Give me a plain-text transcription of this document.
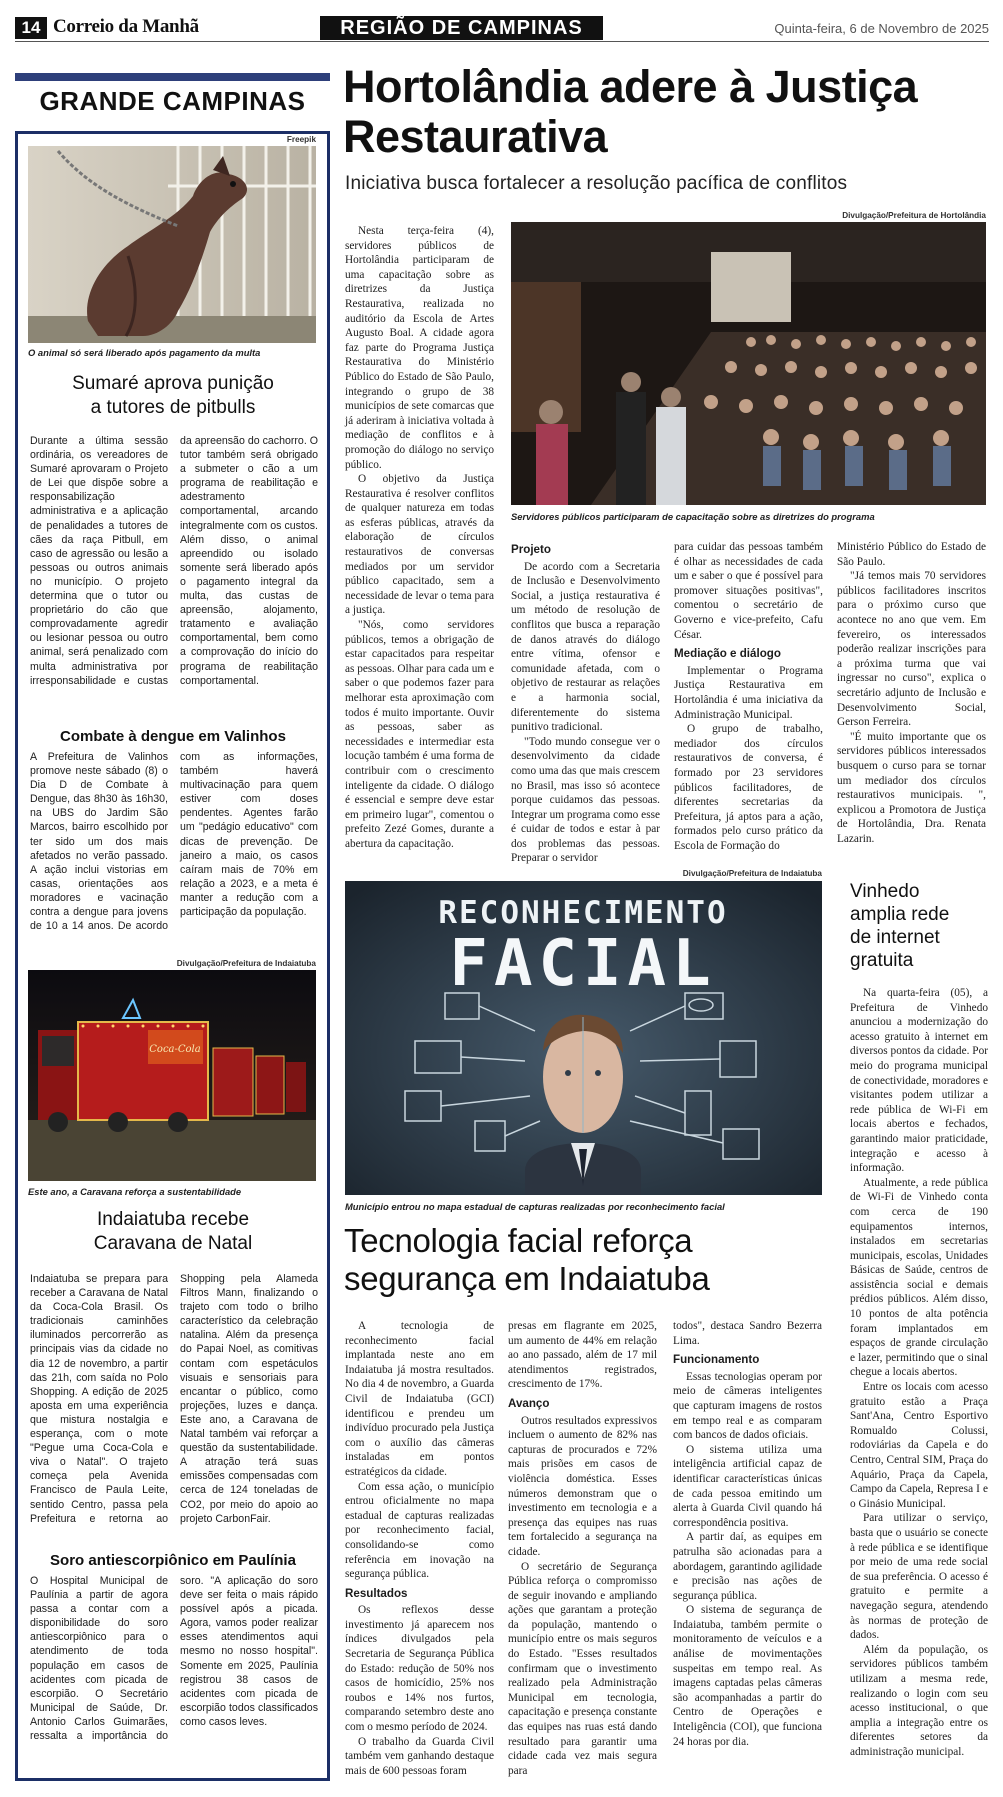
14 Correio da Manhã	REGIÃO DE CAMPINAS	Quinta-feira, 6 de Novembro de 2025
GRANDE CAMPINAS
Freepik
O animal só será liberado após pagamento da multa
Sumaré aprova punição
a tutores de pitbulls
Durante a última sessão ordinária, os vereadores de Sumaré aprovaram o Projeto de Lei que dispõe sobre a responsabilização administrativa e a aplicação de penalidades a tutores de cães da raça Pitbull, em caso de agressão ou lesão a pessoas ou outros animais no município. O projeto determina que o tutor ou proprietário do cão que comprovadamente agredir ou lesionar pessoa ou outro animal, será penalizado com multa administrativa por irresponsabilidade e custas da apreensão do cachorro. O tutor também será obrigado a submeter o cão a um programa de reabilitação e adestramento comportamental, arcando integralmente com os custos. Além disso, o animal apreendido ou isolado somente será liberado após o pagamento integral da multa, das custas de apreensão, alojamento, tratamento e avaliação comportamental, bem como a comprovação do início do programa de reabilitação comportamental.
Combate à dengue em Valinhos
A Prefeitura de Valinhos promove neste sábado (8) o Dia D de Combate à Dengue, das 8h30 às 16h30, na UBS do Jardim São Marcos, bairro escolhido por ter sido um dos mais afetados no verão passado. A ação inclui vistorias em casas, orientações aos moradores e vacinação contra a dengue para jovens de 10 a 14 anos. De acordo com as informações, também haverá multivacinação para quem estiver com doses pendentes. Agentes farão um "pedágio educativo" com dicas de prevenção. De janeiro a maio, os casos caíram mais de 70% em relação a 2023, e a meta é manter a redução com a participação da população.
Divulgação/Prefeitura de Indaiatuba
Coca-Cola
Este ano, a Caravana reforça a sustentabilidade
Indaiatuba recebe
Caravana de Natal
Indaiatuba se prepara para receber a Caravana de Natal da Coca-Cola Brasil. Os tradicionais caminhões iluminados percorrerão as principais vias da cidade no dia 12 de novembro, a partir das 21h, com saída no Polo Shopping. A edição de 2025 aposta em uma experiência que mistura nostalgia e esperança, com o mote "Pegue uma Coca-Cola e viva o Natal". O trajeto começa pela Avenida Francisco de Paula Leite, sentido Centro, passa pela Prefeitura e retorna ao Shopping pela Alameda Filtros Mann, finalizando o trajeto com todo o brilho característico da celebração natalina. Além da presença do Papai Noel, as comitivas contam com espetáculos visuais e sensoriais para encantar o público, como projeções, luzes e dança. Este ano, a Caravana de Natal também vai reforçar a questão da sustentabilidade. A atração terá suas emissões compensadas com cerca de 124 toneladas de CO2, por meio do apoio ao projeto CarbonFair.
Soro antiescorpiônico em Paulínia
O Hospital Municipal de Paulínia a partir de agora passa a contar com a disponibilidade do soro antiescorpiônico para o atendimento de toda população em casos de acidentes com picada de escorpião. O Secretário Municipal de Saúde, Dr. Antonio Carlos Guimarães, ressalta a importância do soro. "A aplicação do soro deve ser feita o mais rápido possível após a picada. Agora, vamos poder realizar esses atendimentos aqui mesmo no nosso hospital". Somente em 2025, Paulínia registrou 38 casos de acidentes com picada de escorpião todos classificados como casos leves.
Hortolândia adere à Justiça Restaurativa
Iniciativa busca fortalecer a resolução pacífica de conflitos

Nesta terça-feira (4), servidores públicos de Hortolândia participaram de uma capacitação sobre as diretrizes da Justiça Restaurativa, realizada no auditório da Escola de Artes Augusto Boal. A cidade agora faz parte do Programa Justiça Restaurativa do Ministério Público do Estado de São Paulo, integrando o grupo de 38 municípios de sete comarcas que já aderiram à iniciativa voltada à mediação de conflitos e à promoção do diálogo no serviço público.

O objetivo da Justiça Restaurativa é resolver conflitos de qualquer natureza em todas as esferas públicas, através da elaboração de círculos restaurativos de conversas mediados por um servidor público capacitado, sem a necessidade de levar o tema para a justiça.

"Nós, como servidores públicos, temos a obrigação de estar capacitados para respeitar as pessoas. Olhar para cada um e saber o que podemos fazer para melhorar esta aproximação com todos é muito importante. Ouvir as pessoas, saber as necessidades e intermediar esta locução também é uma forma de contribuir com o crescimento inteligente da cidade. O diálogo é essencial e sempre deve estar em primeiro lugar", comentou o prefeito Zezé Gomes, durante a abertura da capacitação.

Divulgação/Prefeitura de Hortolândia
Servidores públicos participaram de capacitação sobre as diretrizes do programa
Projeto

De acordo com a Secretaria de Inclusão e Desenvolvimento Social, a justiça restaurativa é um método de resolução de conflitos que busca a reparação de danos através do diálogo entre vítima, ofensor e comunidade afetada, com o objetivo de restaurar as relações e a harmonia social, diferentemente do sistema punitivo tradicional.

"Todo mundo consegue ver o desenvolvimento da cidade como uma das que mais crescem no Brasil, mas isso só acontece porque cuidamos das pessoas. Integrar um programa como esse é cuidar de todos e estar à par dos problemas das pessoas. Preparar o servidor

para cuidar das pessoas também é olhar as necessidades de cada um e saber o que é possível para promover situações positivas", comentou o secretário de Governo e vice-prefeito, Cafu César.

Mediação e diálogo

Implementar o Programa Justiça Restaurativa em Hortolândia é uma iniciativa da Administração Municipal.

O grupo de trabalho, mediador dos círculos restaurativos de conversa, é formado por 23 servidores públicos facilitadores, de diferentes secretarias da Prefeitura, já aptos para a ação, formados pelo curso prático da Escola de Formação do

Ministério Público do Estado de São Paulo.

"Já temos mais 70 servidores públicos facilitadores inscritos para o próximo curso que acontece no ano que vem. Em fevereiro, os interessados poderão realizar inscrições para a próxima turma que vai ingressar no curso", explica o secretário adjunto de Inclusão e Desenvolvimento Social, Gerson Ferreira.

"É muito importante que os servidores públicos interessados busquem o curso para se tornar um mediador dos círculos restaurativos municipais. ", explicou a Promotora de Justiça de Hortolândia, Dra. Renata Lazarin.

Divulgação/Prefeitura de Indaiatuba
RECONHECIMENTO
FACIAL
Município entrou no mapa estadual de capturas realizadas por reconhecimento facial
Tecnologia facial reforça
segurança em Indaiatuba

A tecnologia de reconhecimento facial implantada neste ano em Indaiatuba já mostra resultados. No dia 4 de novembro, a Guarda Civil de Indaiatuba (GCI) identificou e prendeu um indivíduo procurado pela Justiça com o auxílio das câmeras instaladas em pontos estratégicos da cidade.

Com essa ação, o município entrou oficialmente no mapa estadual de capturas realizadas por reconhecimento facial, consolidando-se como referência em inovação na segurança pública.

Resultados

Os reflexos desse investimento já aparecem nos índices divulgados pela Secretaria de Segurança Pública do Estado: redução de 50% nos casos de homicídio, 25% nos roubos e 14% nos furtos, comparando setembro deste ano com o mesmo período de 2024.

O trabalho da Guarda Civil também vem ganhando destaque mais de 600 pessoas foram

presas em flagrante em 2025, um aumento de 44% em relação ao ano passado, além de 17 mil atendimentos registrados, crescimento de 17%.

Avanço

Outros resultados expressivos incluem o aumento de 82% nas capturas de procurados e 72% mais prisões em casos de violência doméstica. Esses números demonstram que o investimento em tecnologia e a presença das equipes nas ruas tem fortalecido a segurança na cidade.

O secretário de Segurança Pública reforça o compromisso de seguir inovando e ampliando ações que garantam a proteção da população, mantendo o município entre os mais seguros do Estado. "Esses resultados confirmam que o investimento realizado pela Administração Municipal em tecnologia, capacitação e presença constante das equipes nas ruas está dando resultado para garantir uma cidade cada vez mais segura para

todos", destaca Sandro Bezerra Lima.

Funcionamento

Essas tecnologias operam por meio de câmeras inteligentes que capturam imagens de rostos em tempo real e as comparam com bancos de dados oficiais.

O sistema utiliza uma inteligência artificial capaz de identificar características únicas de cada pessoa emitindo um alerta à Guarda Civil quando há correspondência positiva.

A partir daí, as equipes em patrulha são acionadas para a abordagem, garantindo agilidade e precisão nas ações de segurança pública.

O sistema de segurança de Indaiatuba, também permite o monitoramento de veículos e a análise de movimentações suspeitas em tempo real. As imagens captadas pelas câmeras são acompanhadas a partir do Centro de Operações e Inteligência (COI), que funciona 24 horas por dia.

Vinhedo
amplia rede
de internet
gratuita

Na quarta-feira (05), a Prefeitura de Vinhedo anunciou a modernização do acesso gratuito à internet em diversos pontos da cidade. Por meio do programa municipal de conectividade, moradores e visitantes podem utilizar a rede pública de Wi-Fi em locais abertos e fechados, garantindo maior praticidade, integração e acesso à informação.

Atualmente, a rede pública de Wi-Fi de Vinhedo conta com cerca de 190 equipamentos internos, instalados em secretarias municipais, escolas, Unidades Básicas de Saúde, centros de assistência social e demais prédios públicos. Além disso, 10 pontos de alta potência foram implantados em espaços de grande circulação e lazer, permitindo que o sinal chegue a locais abertos.

Entre os locais com acesso gratuito estão a Praça Sant'Ana, Centro Esportivo Romualdo Colussi, rodoviárias da Capela e do Centro, Central SIM, Praça do Aquário, Praça da Capela, Campo da Capela, Represa I e o Ginásio Municipal.

Para utilizar o serviço, basta que o usuário se conecte à rede pública e se identifique por meio de uma rede social de sua preferência. O acesso é gratuito e permite a navegação segura, atendendo às normas de proteção de dados.

Além da população, os servidores públicos também utilizam a mesma rede, realizando o login com seu acesso institucional, o que amplia a integração entre os diferentes setores da administração municipal.
